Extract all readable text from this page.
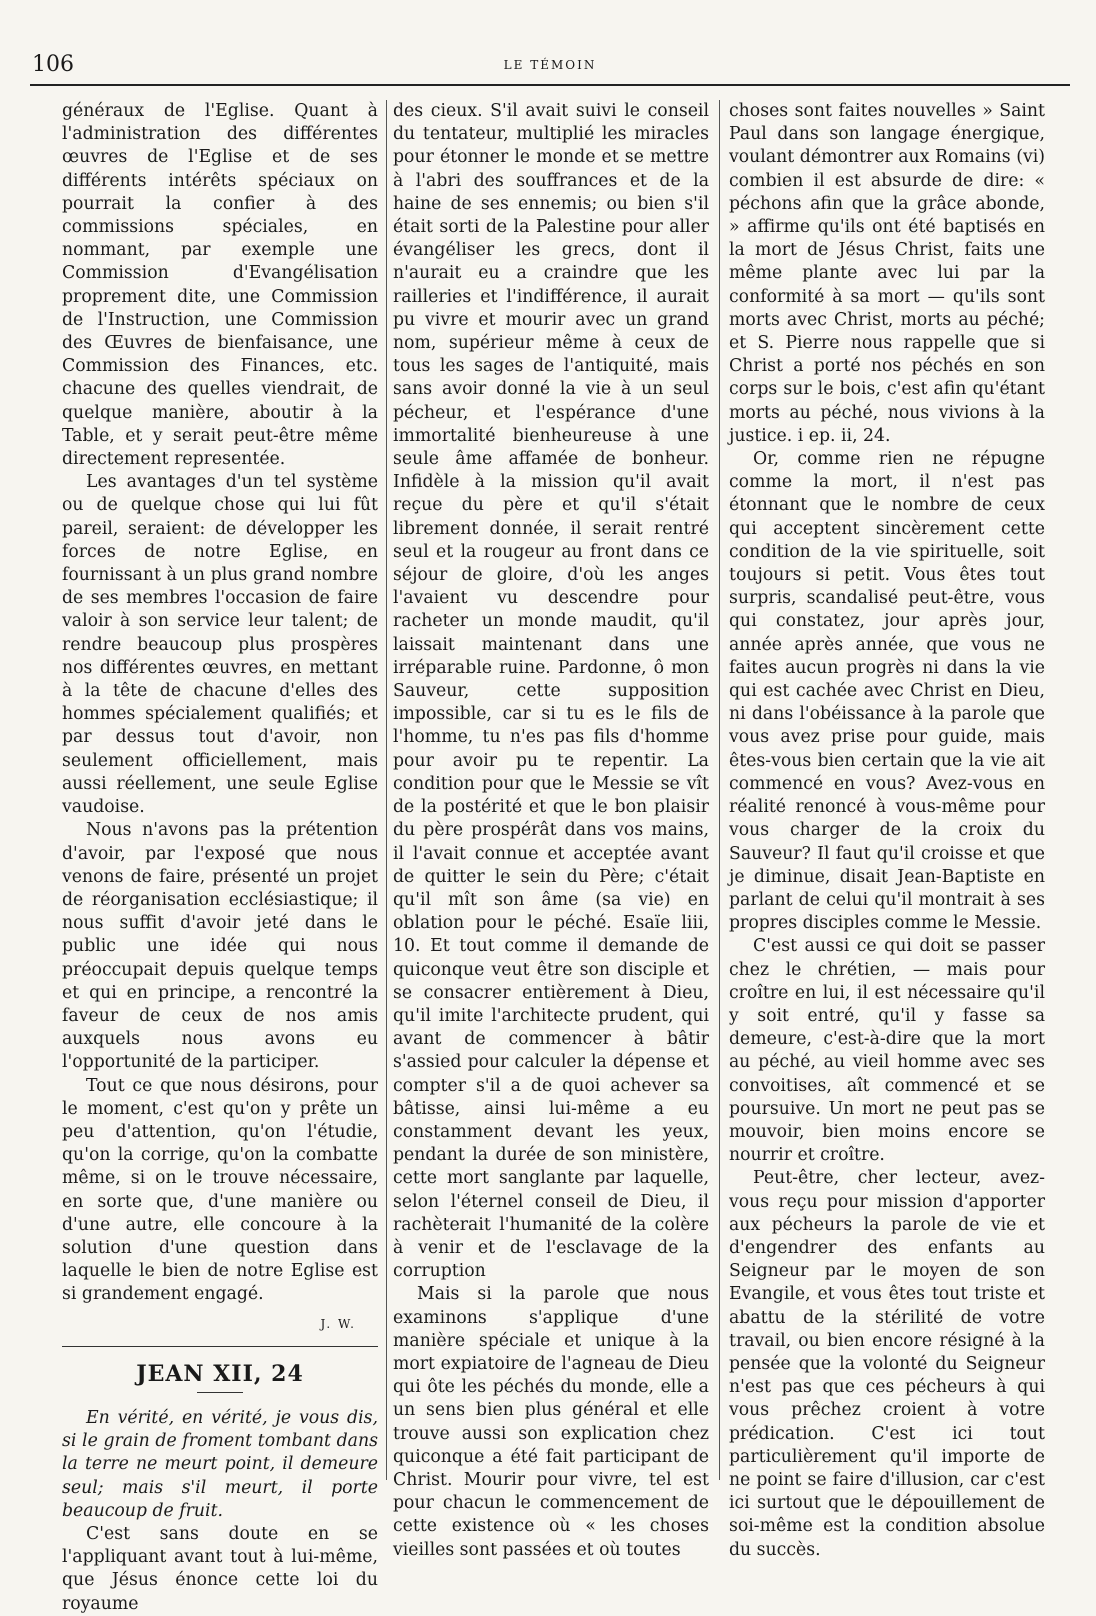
106	LE TÉMOIN

généraux de l'Eglise. Quant à l'administration des différentes œuvres de l'Eglise et de ses différents intérêts spéciaux on pourrait la confier à des commissions spéciales, en nommant, par exemple une Commission d'Evangélisation proprement dite, une Commission de l'Instruction, une Commission des Œuvres de bienfaisance, une Commission des Finances, etc. chacune des quelles viendrait, de quelque manière, aboutir à la Table, et y serait peut-être même directement representée.

Les avantages d'un tel système ou de quelque chose qui lui fût pareil, seraient: de développer les forces de notre Eglise, en fournissant à un plus grand nombre de ses membres l'occasion de faire valoir à son service leur talent; de rendre beaucoup plus prospères nos différentes œuvres, en mettant à la tête de chacune d'elles des hommes spécialement qualifiés; et par dessus tout d'avoir, non seulement officiellement, mais aussi réellement, une seule Eglise vaudoise.

Nous n'avons pas la prétention d'avoir, par l'exposé que nous venons de faire, présenté un projet de réorganisation ecclésiastique; il nous suffit d'avoir jeté dans le public une idée qui nous préoccupait depuis quelque temps et qui en principe, a rencontré la faveur de ceux de nos amis auxquels nous avons eu l'opportunité de la participer.

Tout ce que nous désirons, pour le moment, c'est qu'on y prête un peu d'attention, qu'on l'étudie, qu'on la corrige, qu'on la combatte même, si on le trouve nécessaire, en sorte que, d'une manière ou d'une autre, elle concoure à la solution d'une question dans laquelle le bien de notre Eglise est si grandement engagé.

J. W.
JEAN XII, 24

En vérité, en vérité, je vous dis, si le grain de froment tombant dans la terre ne meurt point, il demeure seul; mais s'il meurt, il porte beaucoup de fruit.

C'est sans doute en se l'appliquant avant tout à lui-même, que Jésus énonce cette loi du royaume

des cieux. S'il avait suivi le conseil du tentateur, multiplié les miracles pour étonner le monde et se mettre à l'abri des souffrances et de la haine de ses ennemis; ou bien s'il était sorti de la Palestine pour aller évangéliser les grecs, dont il n'aurait eu a craindre que les railleries et l'indifférence, il aurait pu vivre et mourir avec un grand nom, supérieur même à ceux de tous les sages de l'antiquité, mais sans avoir donné la vie à un seul pécheur, et l'espérance d'une immortalité bienheureuse à une seule âme affamée de bonheur. Infidèle à la mission qu'il avait reçue du père et qu'il s'était librement donnée, il serait rentré seul et la rougeur au front dans ce séjour de gloire, d'où les anges l'avaient vu descendre pour racheter un monde maudit, qu'il laissait maintenant dans une irréparable ruine. Pardonne, ô mon Sauveur, cette supposition impossible, car si tu es le fils de l'homme, tu n'es pas fils d'homme pour avoir pu te repentir. La condition pour que le Messie se vît de la postérité et que le bon plaisir du père prospérât dans vos mains, il l'avait connue et acceptée avant de quitter le sein du Père; c'était qu'il mît son âme (sa vie) en oblation pour le péché. Esaïe liii, 10. Et tout comme il demande de quiconque veut être son disciple et se consacrer entièrement à Dieu, qu'il imite l'architecte prudent, qui avant de commencer à bâtir s'assied pour calculer la dépense et compter s'il a de quoi achever sa bâtisse, ainsi lui-même a eu constamment devant les yeux, pendant la durée de son ministère, cette mort sanglante par laquelle, selon l'éternel conseil de Dieu, il rachèterait l'humanité de la colère à venir et de l'esclavage de la corruption

Mais si la parole que nous examinons s'applique d'une manière spéciale et unique à la mort expiatoire de l'agneau de Dieu qui ôte les péchés du monde, elle a un sens bien plus général et elle trouve aussi son explication chez quiconque a été fait participant de Christ. Mourir pour vivre, tel est pour chacun le commencement de cette existence où « les choses vieilles sont passées et où toutes

choses sont faites nouvelles » Saint Paul dans son langage énergique, voulant démontrer aux Romains (vi) combien il est absurde de dire: « péchons afin que la grâce abonde, » affirme qu'ils ont été baptisés en la mort de Jésus Christ, faits une même plante avec lui par la conformité à sa mort — qu'ils sont morts avec Christ, morts au péché; et S. Pierre nous rappelle que si Christ a porté nos péchés en son corps sur le bois, c'est afin qu'étant morts au péché, nous vivions à la justice. i ep. ii, 24.

Or, comme rien ne répugne comme la mort, il n'est pas étonnant que le nombre de ceux qui acceptent sincèrement cette condition de la vie spirituelle, soit toujours si petit. Vous êtes tout surpris, scandalisé peut-être, vous qui constatez, jour après jour, année après année, que vous ne faites aucun progrès ni dans la vie qui est cachée avec Christ en Dieu, ni dans l'obéissance à la parole que vous avez prise pour guide, mais êtes-vous bien certain que la vie ait commencé en vous? Avez-vous en réalité renoncé à vous-même pour vous charger de la croix du Sauveur? Il faut qu'il croisse et que je diminue, disait Jean-Baptiste en parlant de celui qu'il montrait à ses propres disciples comme le Messie.

C'est aussi ce qui doit se passer chez le chrétien, — mais pour croître en lui, il est nécessaire qu'il y soit entré, qu'il y fasse sa demeure, c'est-à-dire que la mort au péché, au vieil homme avec ses convoitises, aît commencé et se poursuive. Un mort ne peut pas se mouvoir, bien moins encore se nourrir et croître.

Peut-être, cher lecteur, avez-vous reçu pour mission d'apporter aux pécheurs la parole de vie et d'engendrer des enfants au Seigneur par le moyen de son Evangile, et vous êtes tout triste et abattu de la stérilité de votre travail, ou bien encore résigné à la pensée que la volonté du Seigneur n'est pas que ces pécheurs à qui vous prêchez croient à votre prédication. C'est ici tout particulièrement qu'il importe de ne point se faire d'illusion, car c'est ici surtout que le dépouillement de soi-même est la condition absolue du succès.
